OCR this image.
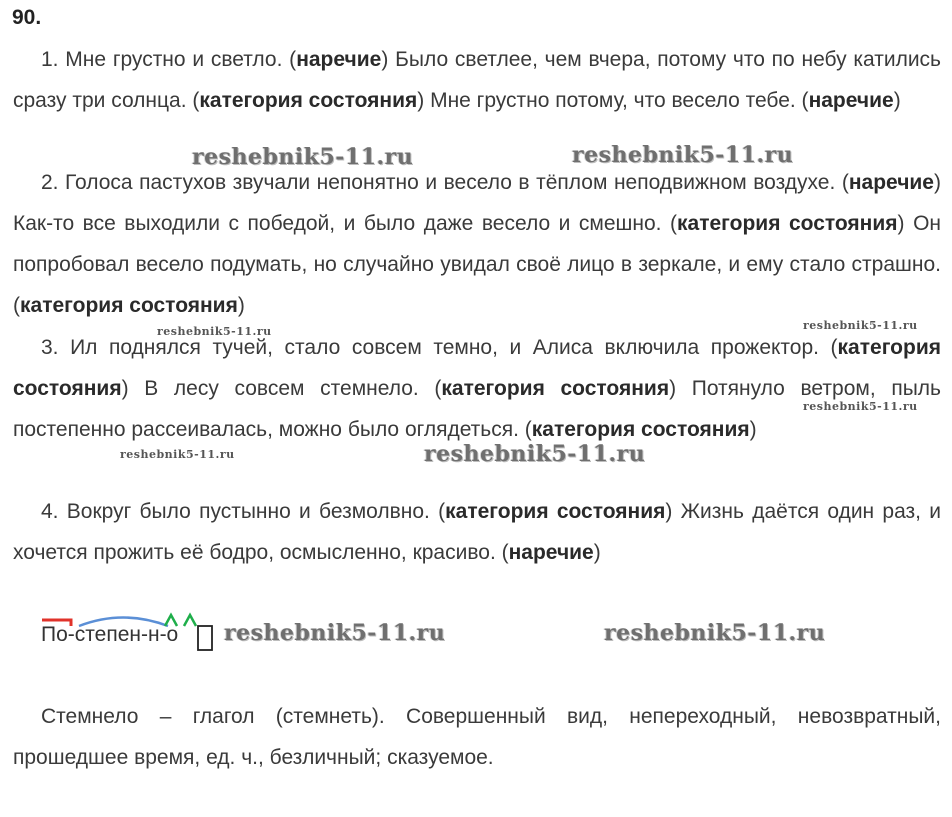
90.

1. Мне грустно и светло. (наречие) Было светлее, чем вчера, потому что по небу катились сразу три солнца. (категория состояния) Мне грустно потому, что весело тебе. (наречие)

2. Голоса пастухов звучали непонятно и весело в тёплом неподвижном воздухе. (наречие) Как-то все выходили с победой, и было даже весело и смешно. (категория состояния) Он попробовал весело подумать, но случайно увидал своё лицо в зеркале, и ему стало страшно. (категория состояния)

3. Ил поднялся тучей, стало совсем темно, и Алиса включила прожектор. (категория состояния) В лесу совсем стемнело. (категория состояния) Потянуло ветром, пыль постепенно рассеивалась, можно было оглядеться. (категория состояния)

4. Вокруг было пустынно и безмолвно. (категория состояния) Жизнь даётся один раз, и хочется прожить её бодро, осмысленно, красиво. (наречие)

По-степен-н-о

Стемнело – глагол (стемнеть). Совершенный вид, непереходный, невозвратный, прошедшее время, ед. ч., безличный; сказуемое.

reshebnik5-11.ru	reshebnik5-11.ru
reshebnik5-11.ru	reshebnik5-11.ru
reshebnik5-11.ru
reshebnik5-11.ru	reshebnik5-11.ru
reshebnik5-11.ru	reshebnik5-11.ru
